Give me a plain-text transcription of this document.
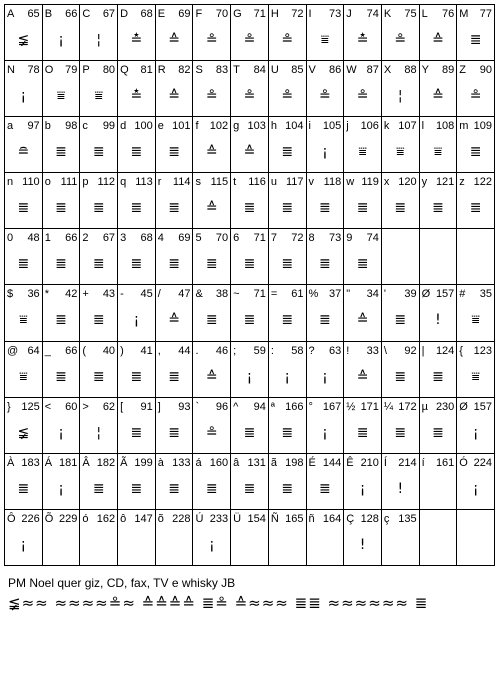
A 65
≨
B 66
¡
C 67
¦
D 68
≛
E 69
≙
F 70
≗
G 71
≗
H 72
≗
I 73
⩸
J 74
≛
K 75
≗
L 76
≙
M 77
≣
N 78
¡
O 79
⩸
P 80
⩸
Q 81
≛
R 82
≙
S 83
≗
T 84
≗
U 85
≗
V 86
≗
W 87
≗
X 88
¦
Y 89
≙
Z 90
≗
a 97
≘
b 98
≣
c 99
≣
d 100
≣
e 101
≣
f 102
≙
g 103
≙
h 104
≣
i 105
¡
j 106
⩸
k 107
⩸
l 108
⩸
m 109
≣
n 110
≣
o 111
≣
p 112
≣
q 113
≣
r 114
≣
s 115
≙
t 116
≣
u 117
≣
v 118
≣
w 119
≣
x 120
≣
y 121
≣
z 122
≣
0 48
≣
1 66
≣
2 67
≣
3 68
≣
4 69
≣
5 70
≣
6 71
≣
7 72
≣
8 73
≣
9 74
≣
$ 36
⩸
* 42
≣
+ 43
≣
- 45
¡
/ 47
≙
& 38
≣
~ 71
≣
= 61
≣
% 37
≣
" 34
≙
' 39
≣
Ø 157
!
# 35
⩸
@ 64
⩸
_ 66
≣
( 40
≣
) 41
≣
, 44
≣
. 46
≙
; 59
¡
: 58
¡
? 63
¡
! 33
≙
\ 92
≣
| 124
≣
{ 123
⩸
} 125
≨
< 60
¡
> 62
¦
[ 91
≣
] 93
≣
` 96
≗
^ 94
≣
ª 166
≣
° 167
¡
½ 171
≣
¼ 172
≣
µ 230
≣
Ø 157
¡
À 183
≣
Á 181
¡
Â 182
≣
Ã 199
≣
à 133
≣
á 160
≣
â 131
≣
ã 198
≣
É 144
≣
Ê 210
¡
Í 214
!
í 161 Ó 224
¡
Ô 226
¡
Õ 229 ó 162 ô 147 õ 228 Ú 233
¡
Ü 154 Ñ 165 ñ 164 Ç 128
!
ç 135
PM Noel quer giz, CD, fax, TV e whisky JB
≨≈≈ ≈≈≈≈≗≈ ≙≙≙≙ ≣≗ ≙≈≈≈ ≣≣ ≈≈≈≈≈≈ ≣
